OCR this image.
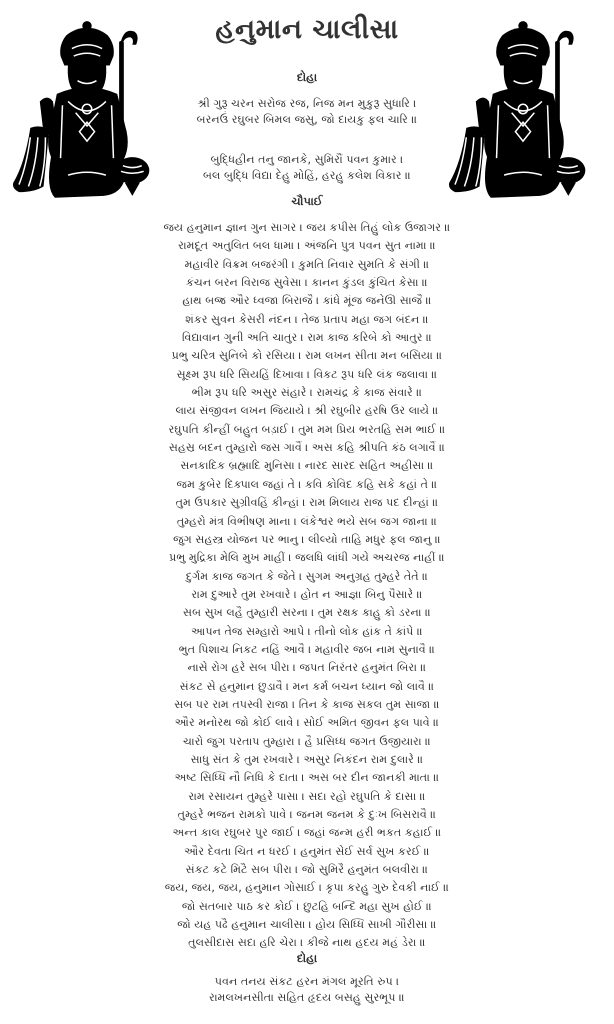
હનુમાન ચાલીસા
દોહા
શ્રી ગુરૂ ચરન સરોજ રજ, નિજ મન મુકુરૂ સુધારિ ।
બરનઉં રઘુબર બિમલ જસુ, જો દાયકુ ફલ ચારિ ॥
બુદ્ધિહીન તનુ જાનકે, સુમિરૌં પવન કુમાર ।
બલ બુદ્ધિ વિદ્યા દેહુ મોહિં, હરહુ કલેશ વિકાર ॥
ચૌપાઈ
જય હનુમાન જ્ઞાન ગુન સાગર । જય કપીસ તિહું લોક ઉજાગર ॥
રામદૂત અતુલિત બલ ધામા । અંજનિ પુત્ર પવન સુત નામા ॥
મહાવીર વિક્રમ બજરંગી । કુમતિ નિવાર સુમતિ કે સંગી ॥
કંચન બરન વિરાજ સુવેસા । કાનન કુંડલ કુંચિત કેસા ॥
હાથ બજ્ર ઔર ધ્વજા બિરાજૈ । કાંધે મૂંજ જનેઊ સાજૈ ॥
શંકર સુવન કેસરી નંદન । તેજ પ્રતાપ મહા જગ બંદન ॥
વિદ્યાવાન ગુની અતિ ચાતુર । રામ કાજ કરિબે કો આતુર ॥
પ્રભુ ચરિત્ર સુનિબે કો રસિયા । રામ લખન સીતા મન બસિયા ॥
સૂક્ષ્મ રૂપ ધરિ સિયહિં દિખાવા । વિકટ રૂપ ધરિ લંક જલાવા ॥
ભીમ રૂપ ધરિ અસુર સંહારે । રામચંદ્ર કે કાજ સંવારે ॥
લાય સંજીવન લખન જિયાયે । શ્રી રઘુબીર હરષિ ઉર લાયે ॥
રઘુપતિ કીન્હીં બહુત બડ઼ાઈ । તુમ મમ પ્રિય ભરતહિ સમ ભાઈ ॥
સહસ્ર બદન તુમ્હારો જસ ગાવૈં । અસ કહિ શ્રીપતિ કંઠ લગાવૈં ॥
સનકાદિક બ્રહ્માદિ મુનિસા । નારદ સારદ સહિત અહીસા ॥
જમ કુબેર દિક્પાલ જહાં તે । કવિ કોવિદ કહિ સકે કહાં તે ॥
તુમ ઉપકાર સુગ્રીવહિં કીન્હાં । રામ મિલાય રાજ પદ દીન્હાં ॥
તુમ્હરો મંત્ર વિભીષણ માના । લંકેશ્વર ભયે સબ જગ જાના ॥
જુગ સહસ્ત્ર યોજન પર ભાનુ । લીલ્યો તાહિ મધુર ફલ જાનુ ॥
પ્રભુ મુદ્રિકા મેલિ મુખ માહીં । જલધિ લાંધી ગયે અચરજ નાહીં ॥
દુર્ગમ કાજ જગત કે જેતે । સુગમ અનુગ્રહ તુમ્હરે તેતે ॥
રામ દુઆરે તુમ રખવારે । હોત ન આજ્ઞા બિનુ પૈસારે ॥
સબ સુખ લહૈ તુમ્હારી સરના । તુમ રક્ષક કાહુ કો ડરના ॥
આપન તેજ સમ્હારો આપે । તીનો લોક હાંક તે કાંપે ॥
ભુત પિશાચ નિકટ નહિં આવૈ । મહાવીર જબ નામ સુનાવૈ ॥
નાસે રોગ હરે સબ પીરા । જપત નિરંતર હનુમંત બિરા ॥
સંકટ સે હનુમાન છુડાવૈ । મન કર્મ બચન ધ્યાન જો લાવૈ ॥
સબ પર રામ તપસ્વી રાજા । તિન કે કાજ સકલ તુમ સાજા ॥
ઔર મનોરથ જો કોઈ લાવે । સોઈ અમિત જીવન ફલ પાવે ॥
ચારો જુગ પરતાપ તુમ્હારા । હૈ પ્રસિધ્ધ જગત ઉજીયારા ॥
સાધુ સંત કે તુમ રખવારે । અસુર નિકંદન રામ દુલારે ॥
અષ્ટ સિધ્ધિ નૌ નિધિ કે દાતા । અસ બર દીન જાનકી માતા ॥
રામ રસાયન તુમ્હરે પાસા । સદા રહો રઘુપતિ કે દાસા ॥
તુમ્હરે ભજન રામકો પાવે । જનમ જનમ કે દુઃખ બિસરાવૈ ॥
અન્ત કાલ રઘુબર પુર જાઈ । જહાં જન્મ હરી ભકત કહાઈ ॥
ઔર દેવતા ચિત ન ધરઈ । હનુમંત સેઈ સર્વ સુખ કરઈ ॥
સંકટ કટે મિટૈ સબ પીરા । જો સુમિરૈ હનુમંત બલવીરા ॥
જય, જય, જય, હનુમાન ગોસાઈ । કૃપા કરહુ ગુરુ દેવકી નાઈ ॥
જો સતબાર પાઠ કર કોઈ । છુટહિ બન્દિ મહા સુખ હોઈ ॥
જો યહ પઢૈ હનુમાન ચાલીસા । હોય સિધ્ધિ સાખી ગૌરીસા ॥
તુલસીદાસ સદા હરિ ચેરા । કીજે નાથ હદય મહં ડેરા ॥
દોહા
પવન તનય સંકટ હરન મંગલ મૂરતિ રુપ ।
રામલખનસીતા સહિત હૃદય બસહુ સુરભૂપ ॥
